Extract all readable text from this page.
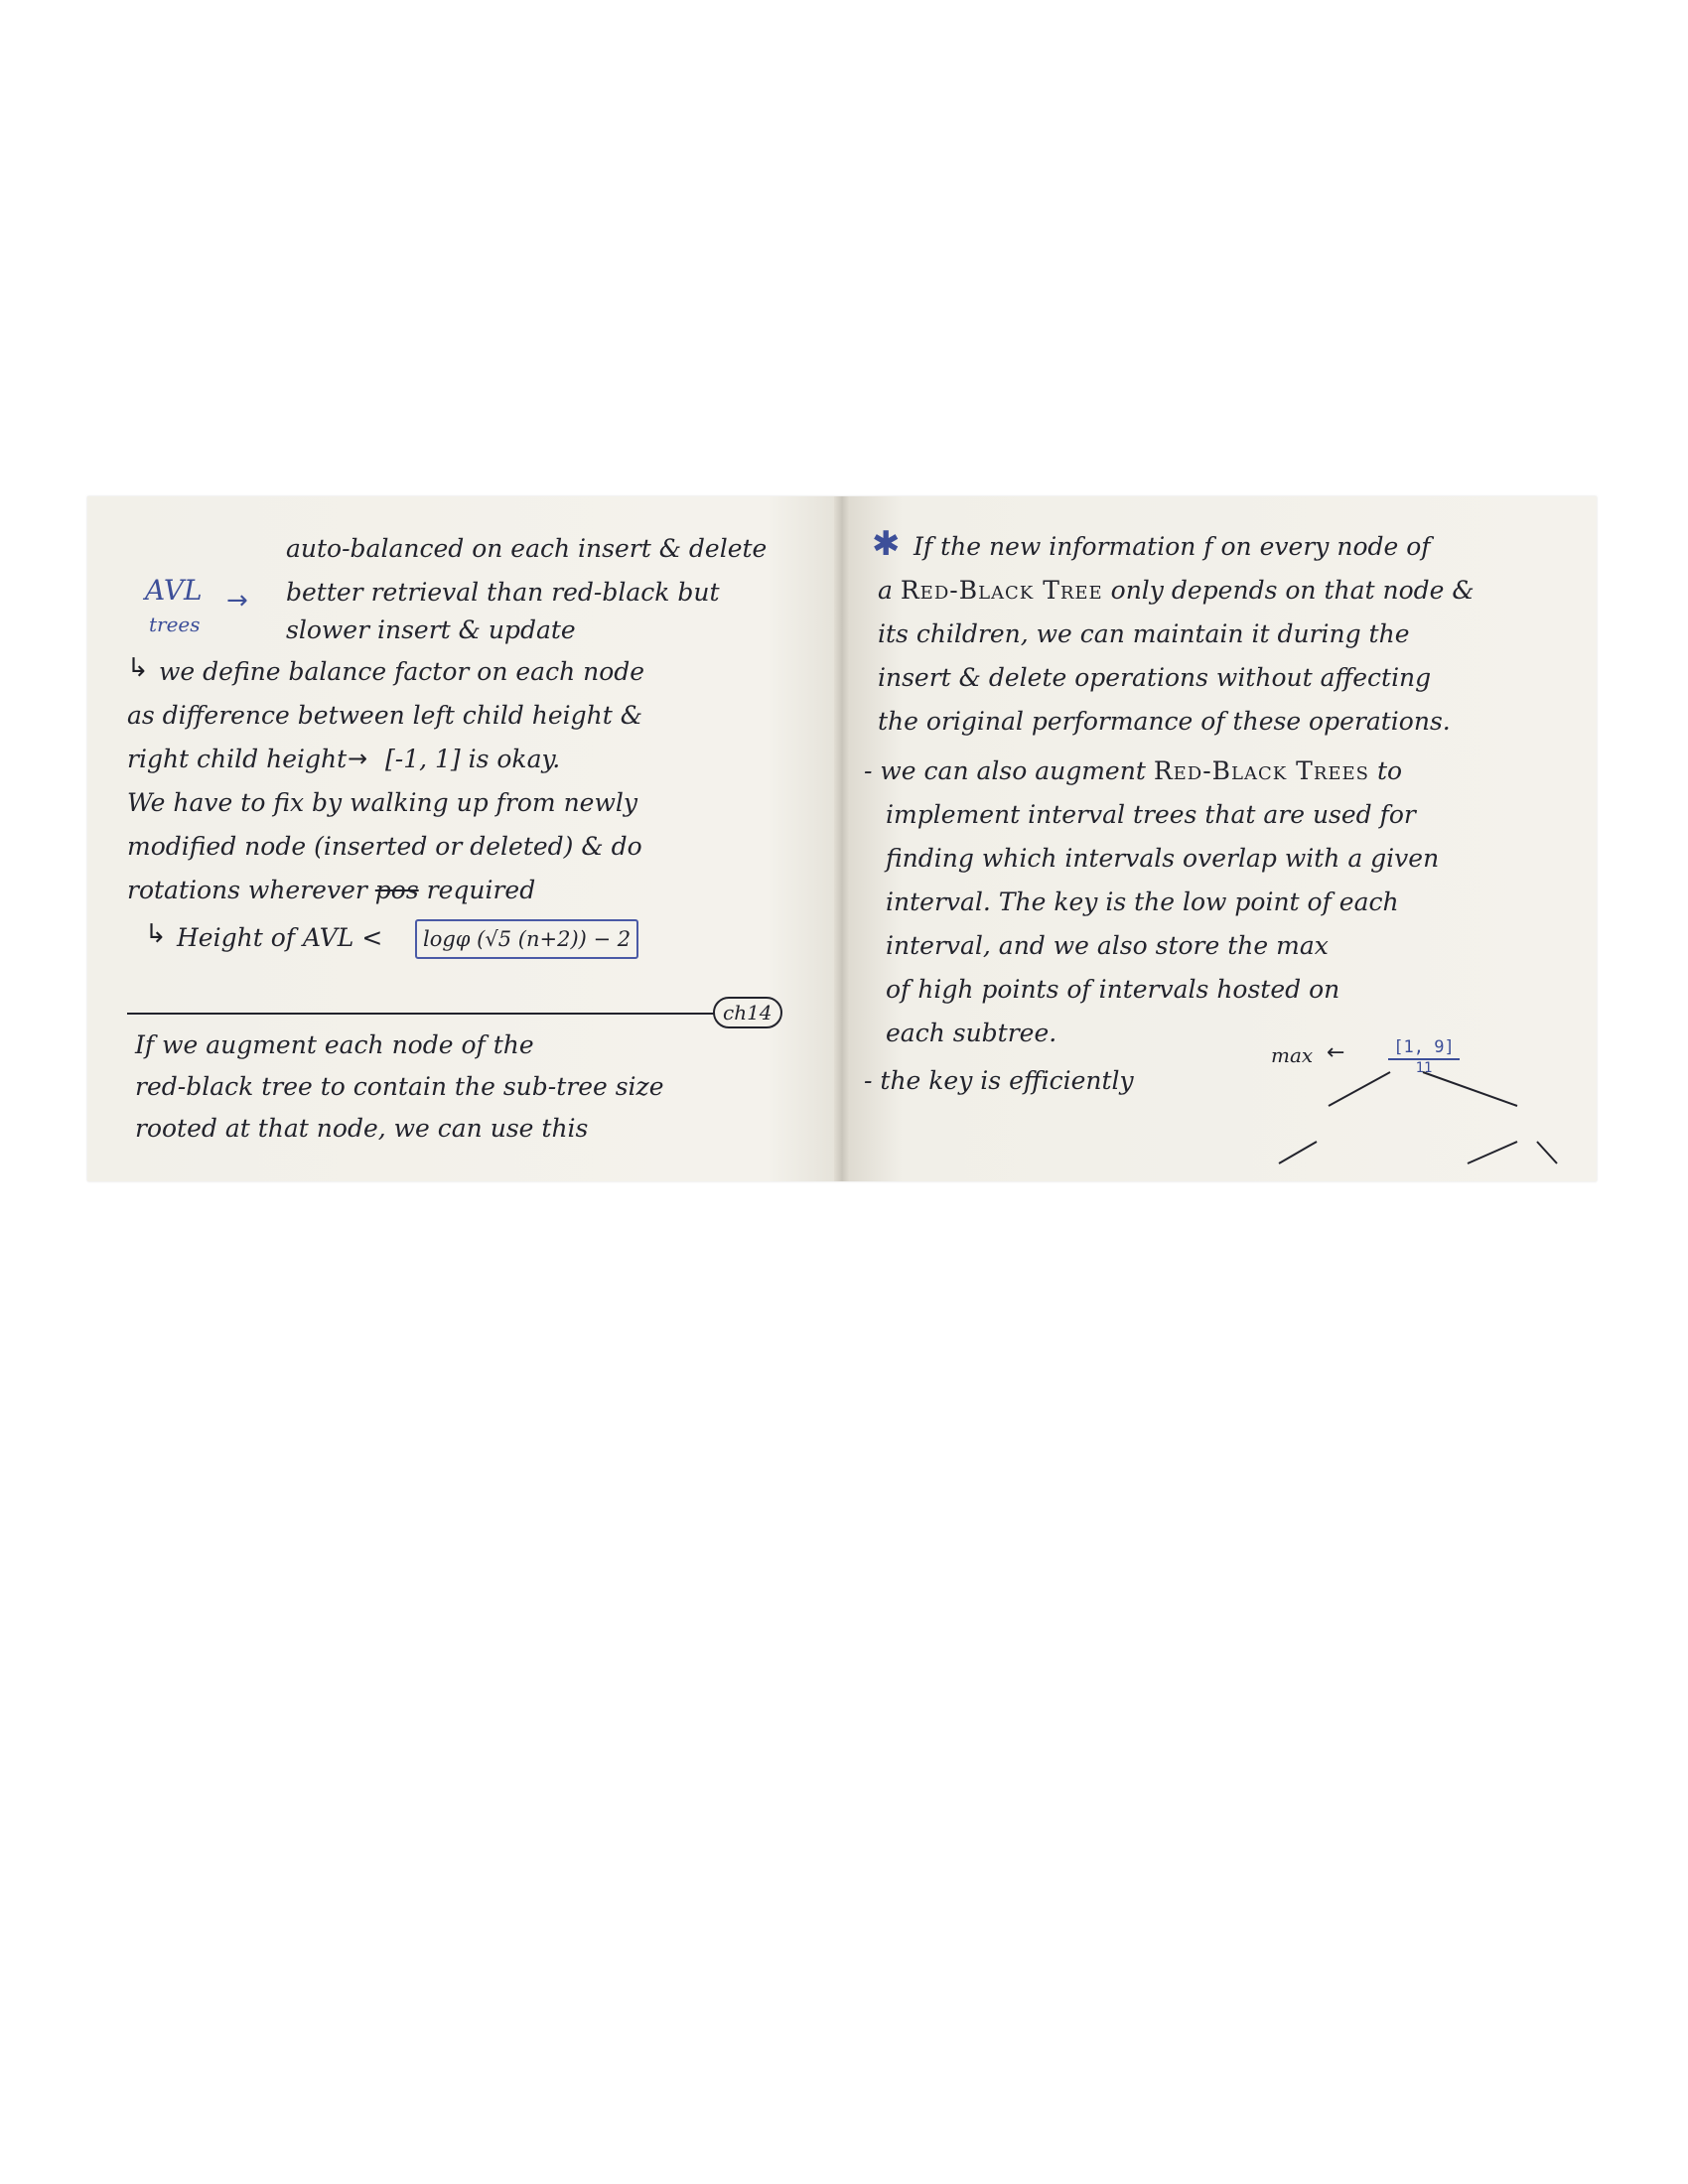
auto-balanced on each insert & delete
AVL
trees
→ better retrieval than red-black but
slower insert & update
↳ we define balance factor on each node
as difference between left child height &
right child height → [-1, 1] is okay.
We have to fix by walking up from newly
modified node (inserted or deleted) & do
rotations wherever pos required
↳ Height of AVL <	logφ (√5 (n+2)) − 2
ch14
If we augment each node of the
red-black tree to contain the sub-tree size
rooted at that node, we can use this
✱ If the new information f on every node of
a Red-Black Tree only depends on that node &
its children, we can maintain it during the
insert & delete operations without affecting
the original performance of these operations.
- we can also augment Red-Black Trees to
implement interval trees that are used for
finding which intervals overlap with a given
interval. The key is the low point of each
interval, and we also store the max
of high points of intervals hosted on
each subtree.
- the key is efficiently
max ←	[1, 9]
11
